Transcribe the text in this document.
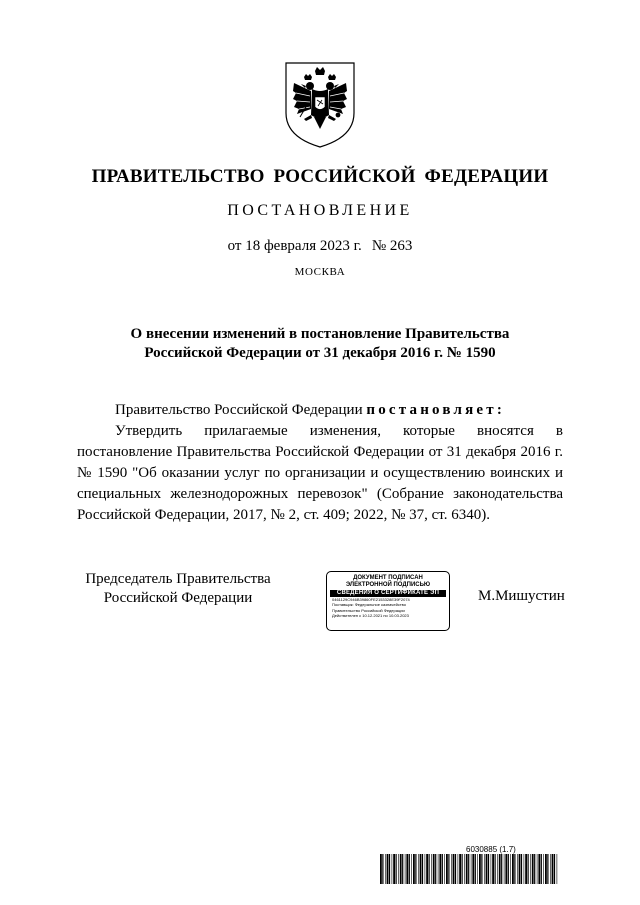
ПРАВИТЕЛЬСТВО РОССИЙСКОЙ ФЕДЕРАЦИИ
ПОСТАНОВЛЕНИЕ
от 18 февраля 2023 г. № 263
МОСКВА
О внесении изменений в постановление Правительства
Российской Федерации от 31 декабря 2016 г. № 1590

Правительство Российской Федерации постановляет:

Утвердить прилагаемые изменения, которые вносятся в постановление Правительства Российской Федерации от 31 декабря 2016 г. № 1590 "Об оказании услуг по организации и осуществлению воинских и специальных железнодорожных перевозок" (Собрание законодательства Российской Федерации, 2017, № 2, ст. 409; 2022, № 37, ст. 6340).

Председатель Правительства
Российской Федерации
ДОКУМЕНТ ПОДПИСАН
ЭЛЕКТРОННОЙ ПОДПИСЬЮ
СВЕДЕНИЯ О СЕРТИФИКАТЕ ЭП
0461129C946B39860FE2153328E39F2074
Поставщик: Федеральное казначейство
Правительство Российской Федерации
Действителен с 10.12.2021 по 10.03.2023
М.Мишустин
6030885 (1.7)
